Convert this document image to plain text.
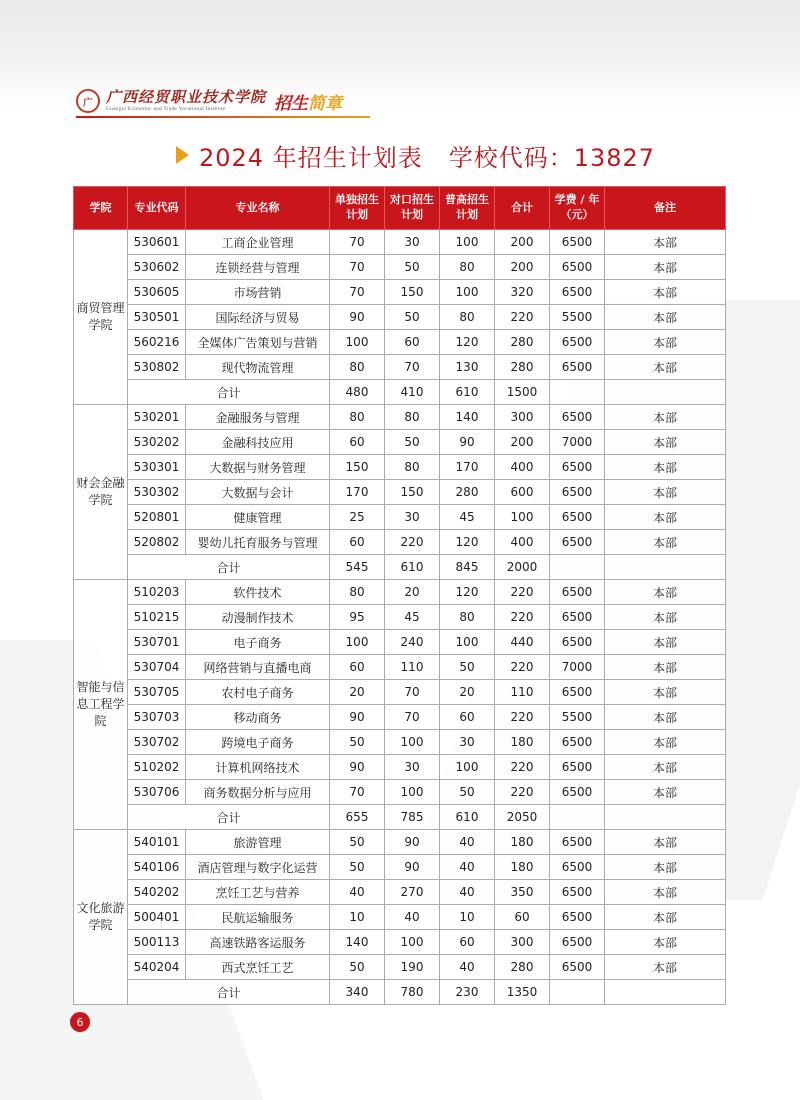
广 广西经贸职业技术学院
Guangxi Economic and Trade Vocational Institute	招生简章
2024 年招生计划表 学校代码：13827
学院	专业代码	专业名称	单独招生计划	对口招生计划	普高招生计划	合计	学费 / 年（元）	备注
商贸管理学院	530601	工商企业管理	70	30	100	200	6500	本部
	530602	连锁经营与管理	70	50	80	200	6500	本部
	530605	市场营销	70	150	100	320	6500	本部
	530501	国际经济与贸易	90	50	80	220	5500	本部
	560216	全媒体广告策划与营销	100	60	120	280	6500	本部
	530802	现代物流管理	80	70	130	280	6500	本部
	合计		480	410	610	1500		
财会金融学院	530201	金融服务与管理	80	80	140	300	6500	本部
	530202	金融科技应用	60	50	90	200	7000	本部
	530301	大数据与财务管理	150	80	170	400	6500	本部
	530302	大数据与会计	170	150	280	600	6500	本部
	520801	健康管理	25	30	45	100	6500	本部
	520802	婴幼儿托育服务与管理	60	220	120	400	6500	本部
	合计		545	610	845	2000		
智能与信息工程学院	510203	软件技术	80	20	120	220	6500	本部
	510215	动漫制作技术	95	45	80	220	6500	本部
	530701	电子商务	100	240	100	440	6500	本部
	530704	网络营销与直播电商	60	110	50	220	7000	本部
	530705	农村电子商务	20	70	20	110	6500	本部
	530703	移动商务	90	70	60	220	5500	本部
	530702	跨境电子商务	50	100	30	180	6500	本部
	510202	计算机网络技术	90	30	100	220	6500	本部
	530706	商务数据分析与应用	70	100	50	220	6500	本部
	合计		655	785	610	2050		
文化旅游学院	540101	旅游管理	50	90	40	180	6500	本部
	540106	酒店管理与数字化运营	50	90	40	180	6500	本部
	540202	烹饪工艺与营养	40	270	40	350	6500	本部
	500401	民航运输服务	10	40	10	60	6500	本部
	500113	高速铁路客运服务	140	100	60	300	6500	本部
	540204	西式烹饪工艺	50	190	40	280	6500	本部
	合计		340	780	230	1350		
6
